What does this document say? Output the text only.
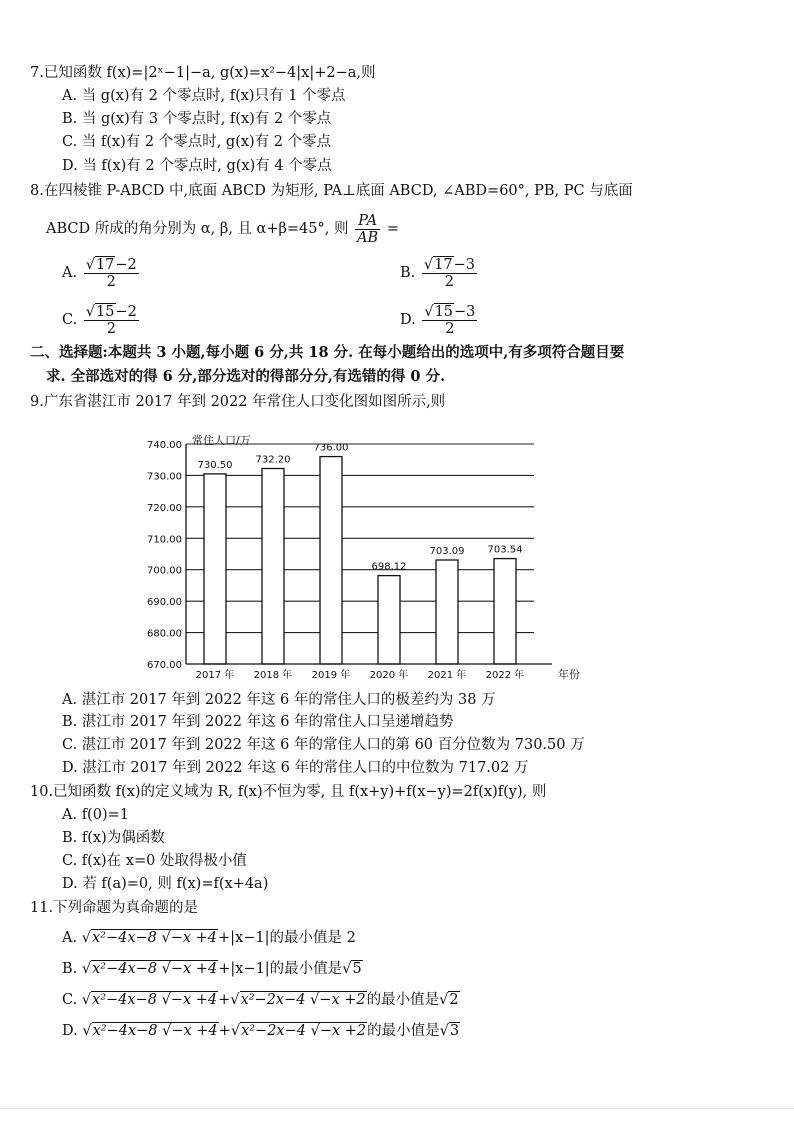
7.已知函数 f(x)=|2ˣ−1|−a, g(x)=x²−4|x|+2−a,则
A. 当 g(x)有 2 个零点时, f(x)只有 1 个零点
B. 当 g(x)有 3 个零点时, f(x)有 2 个零点
C. 当 f(x)有 2 个零点时, g(x)有 2 个零点
D. 当 f(x)有 2 个零点时, g(x)有 4 个零点
8.在四棱锥 P-ABCD 中,底面 ABCD 为矩形, PA⊥底面 ABCD, ∠ABD=60°, PB, PC 与底面
ABCD 所成的角分别为 α, β, 且 α+β=45°, 则 $\frac{PA}{AB}$ =
A. $\frac{√17-2}{2}$	B. $\frac{√17-3}{2}$
C. $\frac{√15-2}{2}$	D. $\frac{√15-3}{2}$
二、选择题:本题共 3 小题,每小题 6 分,共 18 分. 在每小题给出的选项中,有多项符合题目要
求. 全部选对的得 6 分,部分选对的得部分分,有选错的得 0 分.
9.广东省湛江市 2017 年到 2022 年常住人口变化图如图所示,则
670.00
680.00
690.00
700.00
710.00
720.00
730.00
740.00
730.50 732.20
736.00
698.12
703.09 703.54
2017 年 2018 年 2019 年 2020 年 2021 年 2022 年
常住人口/万
年份
A. 湛江市 2017 年到 2022 年这 6 年的常住人口的极差约为 38 万
B. 湛江市 2017 年到 2022 年这 6 年的常住人口呈递增趋势
C. 湛江市 2017 年到 2022 年这 6 年的常住人口的第 60 百分位数为 730.50 万
D. 湛江市 2017 年到 2022 年这 6 年的常住人口的中位数为 717.02 万
10.已知函数 f(x)的定义域为 R, f(x)不恒为零, 且 f(x+y)+f(x−y)=2f(x)f(y), 则
A. f(0)=1
B. f(x)为偶函数
C. f(x)在 x=0 处取得极小值
D. 若 f(a)=0, 则 f(x)=f(x+4a)
11.下列命题为真命题的是
A. √x²−4x−8 √−x +4+|x−1|的最小值是 2
B. √x²−4x−8 √−x +4+|x−1|的最小值是√5
C. √x²−4x−8 √−x +4+√x²−2x−4 √−x +2的最小值是√2
D. √x²−4x−8 √−x +4+√x²−2x−4 √−x +2的最小值是√3
